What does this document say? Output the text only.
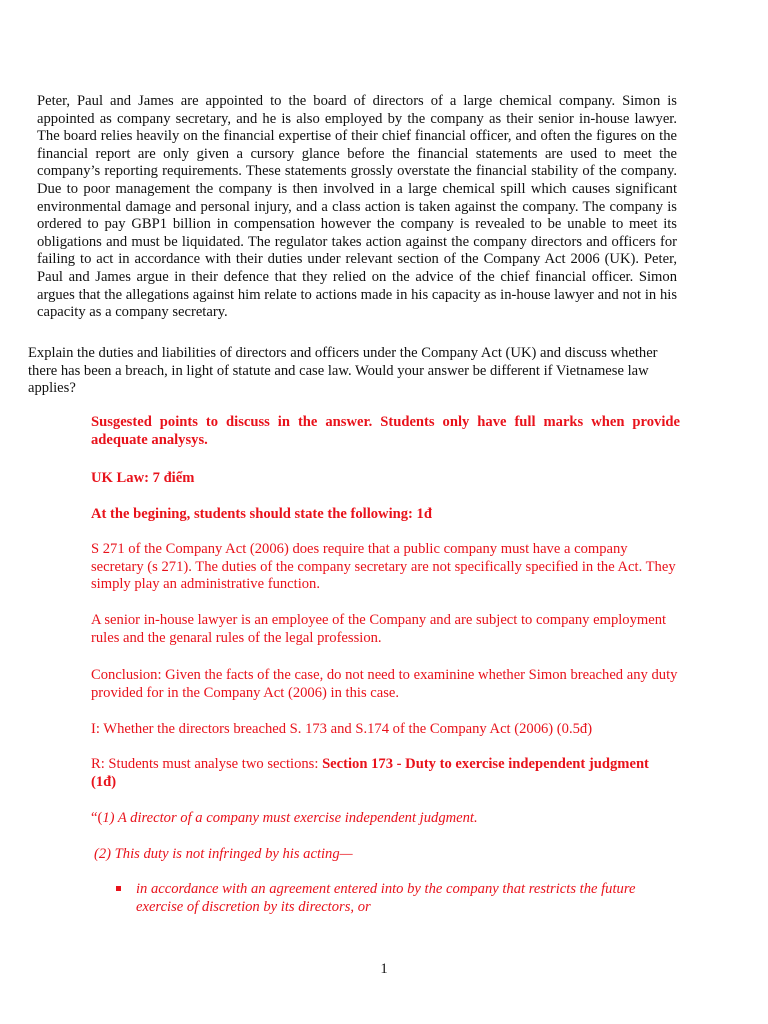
Peter, Paul and James are appointed to the board of directors of a large chemical company. Simon is appointed as company secretary, and he is also employed by the company as their senior in-house lawyer. The board relies heavily on the financial expertise of their chief financial officer, and often the figures on the financial report are only given a cursory glance before the financial statements are used to meet the company’s reporting requirements. These statements grossly overstate the financial stability of the company. Due to poor management the company is then involved in a large chemical spill which causes significant environmental damage and personal injury, and a class action is taken against the company. The company is ordered to pay GBP1 billion in compensation however the company is revealed to be unable to meet its obligations and must be liquidated. The regulator takes action against the company directors and officers for failing to act in accordance with their duties under relevant section of the Company Act 2006 (UK). Peter, Paul and James argue in their defence that they relied on the advice of the chief financial officer. Simon argues that the allegations against him relate to actions made in his capacity as in-house lawyer and not in his capacity as a company secretary.

Explain the duties and liabilities of directors and officers under the Company Act (UK) and discuss whether there has been a breach, in light of statute and case law. Would your answer be different if Vietnamese law applies?

Susgested points to discuss in the answer. Students only have full marks when provide adequate analysys.

UK Law: 7 điểm

At the begining, students should state the following: 1đ

S 271 of the Company Act (2006) does require that a public company must have a company secretary (s 271). The duties of the company secretary are not specifically specified in the Act. They simply play an administrative function.

A senior in-house lawyer is an employee of the Company and are subject to company employment rules and the genaral rules of the legal profession.

Conclusion: Given the facts of the case, do not need to examinine whether Simon breached any duty provided for in the Company Act (2006) in this case.

I: Whether the directors breached S. 173 and S.174 of the Company Act (2006) (0.5đ)

R: Students must analyse two sections: Section 173 - Duty to exercise independent judgment
(1đ)

“(1) A director of a company must exercise independent judgment.

(2) This duty is not infringed by his acting—

in accordance with an agreement entered into by the company that restricts the future exercise of discretion by its directors, or

1
